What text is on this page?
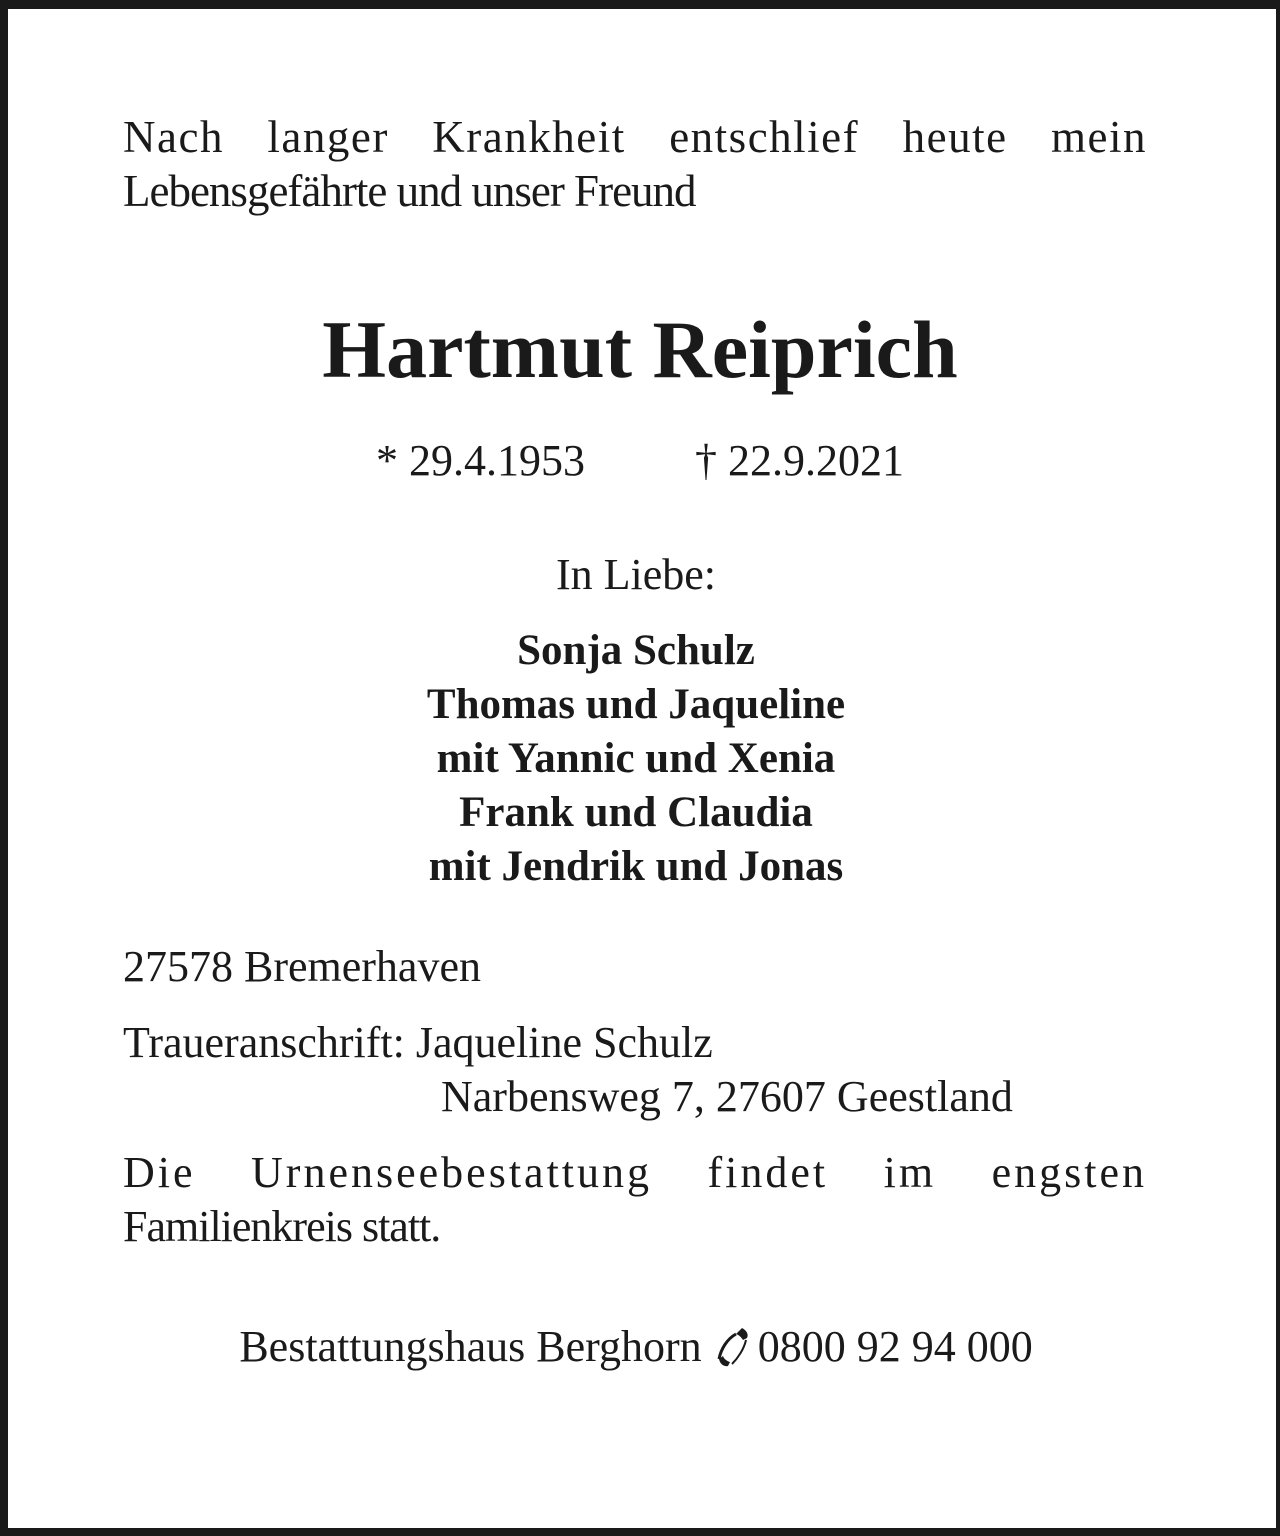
Nach langer Krankheit entschlief heute mein
Lebensgefährte und unser Freund
Hartmut Reiprich
* 29.4.1953	† 22.9.2021
In Liebe:
Sonja Schulz
Thomas und Jaqueline
mit Yannic und Xenia
Frank und Claudia
mit Jendrik und Jonas
27578 Bremerhaven
Traueranschrift: Jaqueline Schulz
Narbensweg 7, 27607 Geestland
Die Urnenseebestattung findet im engsten
Familienkreis statt.
Bestattungshaus Berghorn 0800 92 94 000
